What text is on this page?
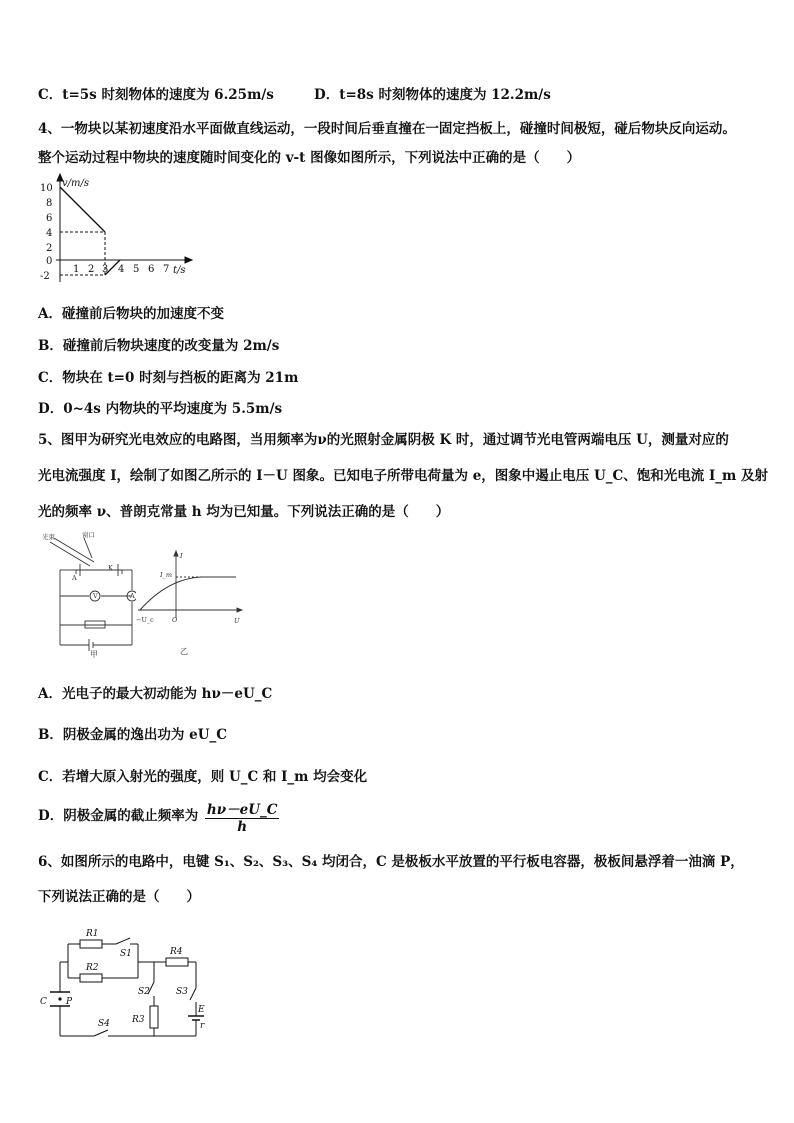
C．t=5s 时刻物体的速度为 6.25m/s	D．t=8s 时刻物体的速度为 12.2m/s
4、一物块以某初速度沿水平面做直线运动，一段时间后垂直撞在一固定挡板上，碰撞时间极短，碰后物块反向运动。
整个运动过程中物块的速度随时间变化的 v-t 图像如图所示，下列说法中正确的是（　　）
v/m/s
10
8
6
4
2
0
-2
1 2 3 4 5 6 7 t/s
A．碰撞前后物块的加速度不变
B．碰撞前后物块速度的改变量为 2m/s
C．物块在 t=0 时刻与挡板的距离为 21m
D．0~4s 内物块的平均速度为 5.5m/s
5、图甲为研究光电效应的电路图，当用频率为ν的光照射金属阴极 K 时，通过调节光电管两端电压 U，测量对应的
光电流强度 I，绘制了如图乙所示的 I－U 图象。已知电子所带电荷量为 e，图象中遏止电压 U_C、饱和光电流 I_m 及射
光的频率 ν、普朗克常量 h 均为已知量。下列说法正确的是（　　）
光束	窗口
A
K
A
V
甲
I
I_m
−U_c	O	U
乙
A．光电子的最大初动能为 hν－eU_C
B．阴极金属的逸出功为 eU_C
C．若增大原入射光的强度，则 U_C 和 I_m 均会变化
D．阴极金属的截止频率为 $\frac{h\nu-eU\_C}{h}$
6、如图所示的电路中，电键 S₁、S₂、S₃、S₄ 均闭合，C 是极板水平放置的平行板电容器，极板间悬浮着一油滴 P，
下列说法正确的是（　　）
R1
S1
R2
R4
S2	S3
R3
E
r
C P
S4
